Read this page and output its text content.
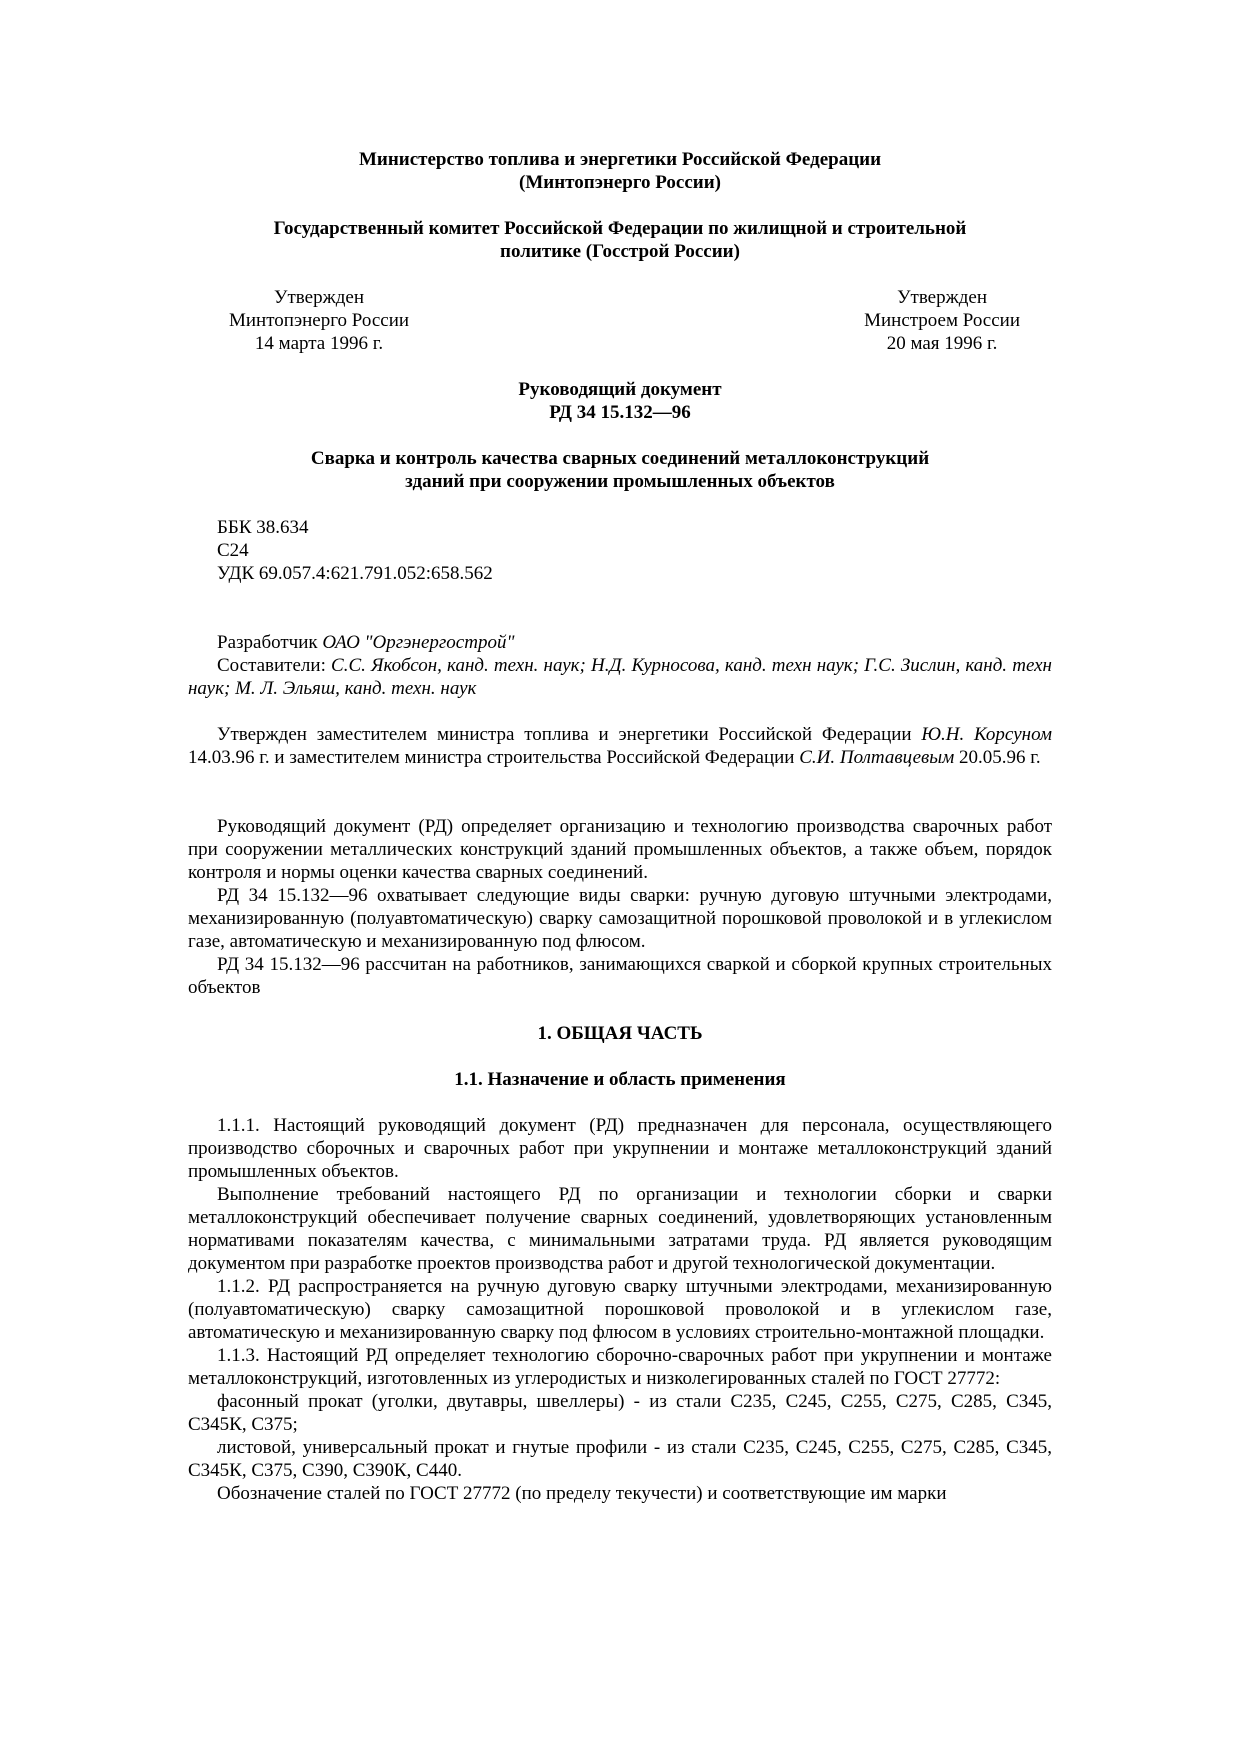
Министерство топлива и энергетики Российской Федерации
(Минтопэнерго России)
Государственный комитет Российской Федерации по жилищной и строительной
политике (Госстрой России)
Утвержден
Минтопэнерго России
14 марта 1996 г.
Утвержден
Минстроем России
20 мая 1996 г.
Руководящий документ
РД 34 15.132—96
Сварка и контроль качества сварных соединений металлоконструкций
зданий при сооружении промышленных объектов

ББК 38.634

С24

УДК 69.057.4:621.791.052:658.562

Разработчик ОАО "Оргэнергострой"

Составители: С.С. Якобсон, канд. техн. наук; Н.Д. Курносова, канд. техн наук; Г.С. Зислин, канд. техн наук; М. Л. Эльяш, канд. техн. наук

Утвержден заместителем министра топлива и энергетики Российской Федерации Ю.Н. Корсуном 14.03.96 г. и заместителем министра строительства Российской Федерации С.И. Полтавцевым 20.05.96 г.

Руководящий документ (РД) определяет организацию и технологию производства сварочных работ при сооружении металлических конструкций зданий промышленных объектов, а также объем, порядок контроля и нормы оценки качества сварных соединений.

РД 34 15.132—96 охватывает следующие виды сварки: ручную дуговую штучными электродами, механизированную (полуавтоматическую) сварку самозащитной порошковой проволокой и в углекислом газе, автоматическую и механизированную под флюсом.

РД 34 15.132—96 рассчитан на работников, занимающихся сваркой и сборкой крупных строительных объектов

1. ОБЩАЯ ЧАСТЬ
1.1. Назначение и область применения

1.1.1. Настоящий руководящий документ (РД) предназначен для персонала, осуществляющего производство сборочных и сварочных работ при укрупнении и монтаже металлоконструкций зданий промышленных объектов.

Выполнение требований настоящего РД по организации и технологии сборки и сварки металлоконструкций обеспечивает получение сварных соединений, удовлетворяющих установленным нормативами показателям качества, с минимальными затратами труда. РД является руководящим документом при разработке проектов производства работ и другой технологической документации.

1.1.2. РД распространяется на ручную дуговую сварку штучными электродами, механизированную (полуавтоматическую) сварку самозащитной порошковой проволокой и в углекислом газе, автоматическую и механизированную сварку под флюсом в условиях строительно-монтажной площадки.

1.1.3. Настоящий РД определяет технологию сборочно-сварочных работ при укрупнении и монтаже металлоконструкций, изготовленных из углеродистых и низколегированных сталей по ГОСТ 27772:

фасонный прокат (уголки, двутавры, швеллеры) - из стали С235, С245, С255, С275, С285, С345, С345К, С375;

листовой, универсальный прокат и гнутые профили - из стали С235, С245, С255, С275, С285, С345, С345К, С375, С390, С390К, С440.

Обозначение сталей по ГОСТ 27772 (по пределу текучести) и соответствующие им марки
